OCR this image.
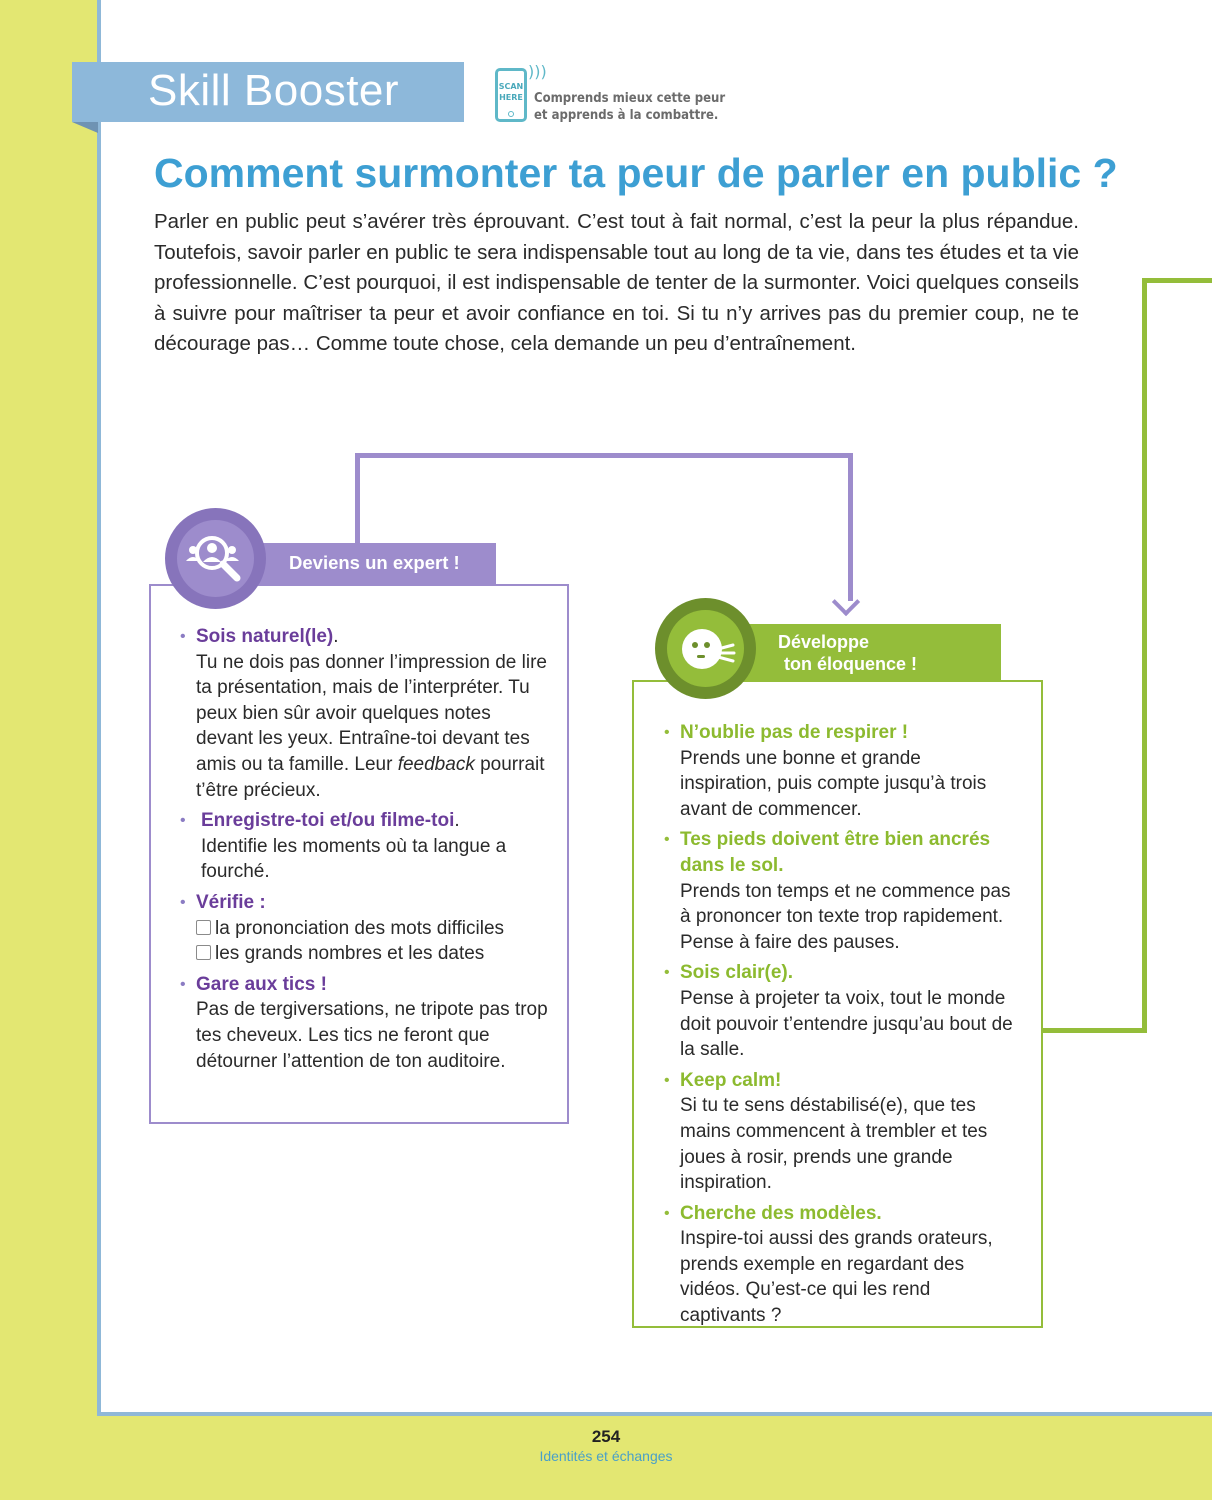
Skill Booster	SCAN
HERE
)))
Comprends mieux cette peur
et apprends à la combattre.
Comment surmonter ta peur de parler en public ?

Parler en public peut s’avérer très éprouvant. C’est tout à fait normal, c’est la peur la plus répandue. Toutefois, savoir parler en public te sera indispensable tout au long de ta vie, dans tes études et ta vie professionnelle. C’est pourquoi, il est indispensable de tenter de la surmonter. Voici quelques conseils à suivre pour maîtriser ta peur et avoir confiance en toi. Si tu n’y arrives pas du premier coup, ne te décourage pas… Comme toute chose, cela demande un peu d’entraînement.

Deviens un expert !
• Sois naturel(le).
Tu ne dois pas donner l’impression de lire ta présentation, mais de l’interpréter. Tu peux bien sûr avoir quelques notes devant les yeux. Entraîne-toi devant tes amis ou ta famille. Leur feedback pourrait t’être précieux.
• Enregistre-toi et/ou filme-toi.
Identifie les moments où ta langue a fourché.
• Vérifie :
la prononciation des mots difficiles
les grands nombres et les dates
• Gare aux tics !
Pas de tergiversations, ne tripote pas trop tes cheveux. Les tics ne feront que détourner l’attention de ton auditoire.
Développe
ton éloquence !
• N’oublie pas de respirer !
Prends une bonne et grande inspiration, puis compte jusqu’à trois avant de commencer.
• Tes pieds doivent être bien ancrés dans le sol.
Prends ton temps et ne commence pas à prononcer ton texte trop rapidement. Pense à faire des pauses.
• Sois clair(e).
Pense à projeter ta voix, tout le monde doit pouvoir t’entendre jusqu’au bout de la salle.
• Keep calm!
Si tu te sens déstabilisé(e), que tes mains commencent à trembler et tes joues à rosir, prends une grande inspiration.
• Cherche des modèles.
Inspire-toi aussi des grands orateurs, prends exemple en regardant des vidéos. Qu’est-ce qui les rend captivants ?
254
Identités et échanges
